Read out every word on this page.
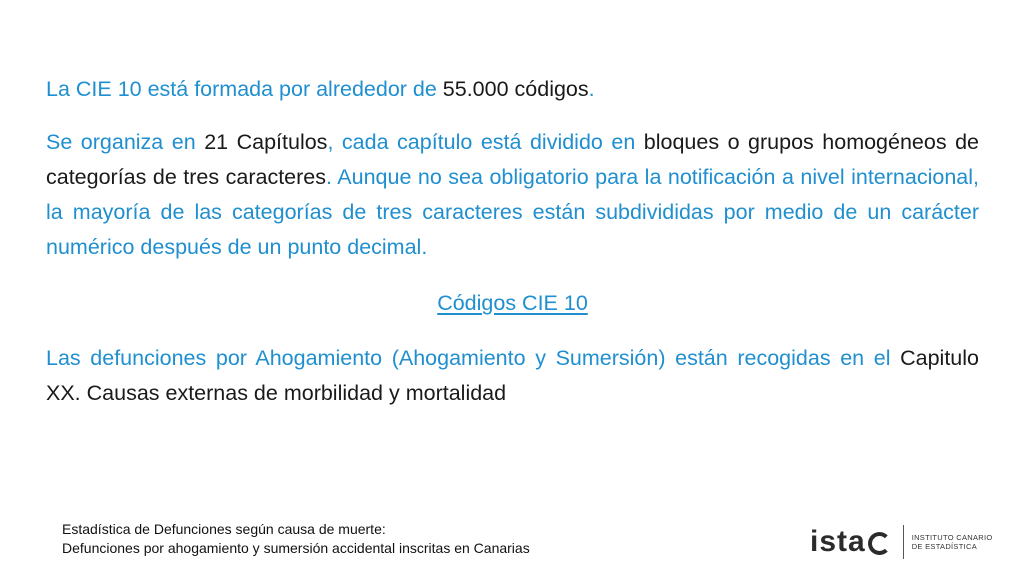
La CIE 10 está formada por alrededor de 55.000 códigos.

Se organiza en 21 Capítulos, cada capítulo está dividido en bloques o grupos homogéneos de categorías de tres caracteres. Aunque no sea obligatorio para la notificación a nivel internacional, la mayoría de las categorías de tres caracteres están subdivididas por medio de un carácter numérico después de un punto decimal.

Códigos CIE 10

Las defunciones por Ahogamiento (Ahogamiento y Sumersión) están recogidas en el Capitulo XX. Causas externas de morbilidad y mortalidad

Estadística de Defunciones según causa de muerte:
Defunciones por ahogamiento y sumersión accidental inscritas en Canarias	ista	INSTITUTO CANARIO
DE ESTADÍSTICA
